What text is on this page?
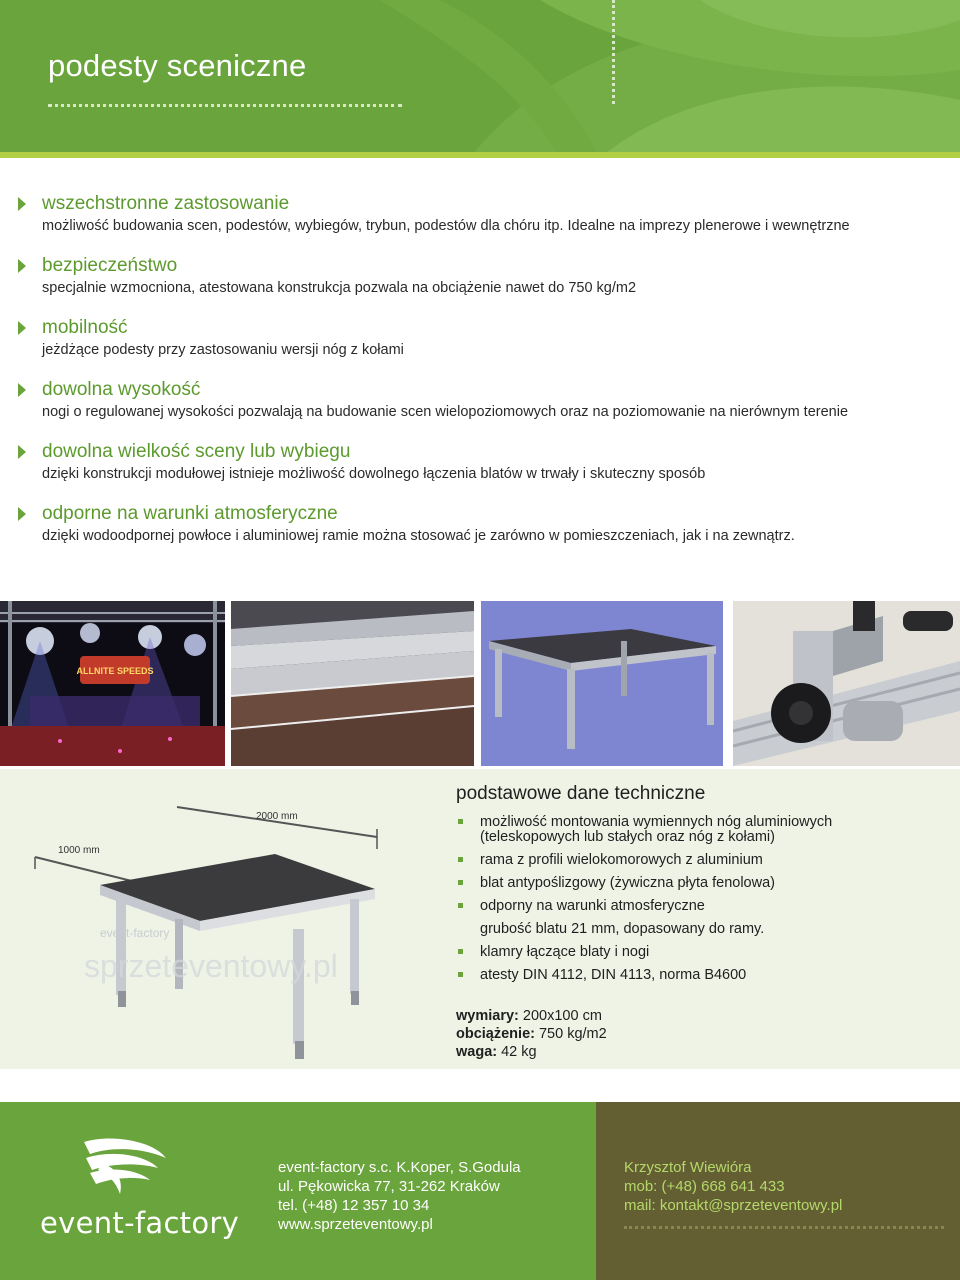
podesty sceniczne
wszechstronne zastosowanie
możliwość budowania scen, podestów, wybiegów, trybun, podestów dla chóru itp. Idealne na imprezy plenerowe i wewnętrzne
bezpieczeństwo
specjalnie wzmocniona, atestowana konstrukcja pozwala na obciążenie nawet do 750 kg/m2
mobilność
jeżdżące podesty przy zastosowaniu wersji nóg z kołami
dowolna wysokość
nogi o regulowanej wysokości pozwalają na budowanie scen wielopoziomowych oraz na poziomowanie na nierównym terenie
dowolna wielkość sceny lub wybiegu
dzięki konstrukcji modułowej istnieje możliwość dowolnego łączenia blatów w trwały i skuteczny sposób
odporne na warunki atmosferyczne
dzięki wodoodpornej powłoce i aluminiowej ramie można stosować je zarówno w pomieszczeniach, jak i na zewnątrz.
ALLNITE SPEEDS
1000 mm
2000 mm
event-factory
sprzeteventowy.pl
podstawowe dane techniczne
możliwość montowania wymiennych nóg aluminiowych
(teleskopowych lub stałych oraz nóg z kołami)
rama z profili wielokomorowych z aluminium
blat antypoślizgowy (żywiczna płyta fenolowa)
odporny na warunki atmosferyczne
grubość blatu 21 mm, dopasowany do ramy.
klamry łączące blaty i nogi
atesty DIN 4112, DIN 4113, norma B4600
wymiary: 200x100 cm
obciążenie: 750 kg/m2
waga: 42 kg
event-factory
event-factory s.c. K.Koper, S.Godula
ul. Pękowicka 77, 31-262 Kraków
tel. (+48) 12 357 10 34
www.sprzeteventowy.pl
Krzysztof Wiewióra
mob: (+48) 668 641 433
mail: kontakt@sprzeteventowy.pl
